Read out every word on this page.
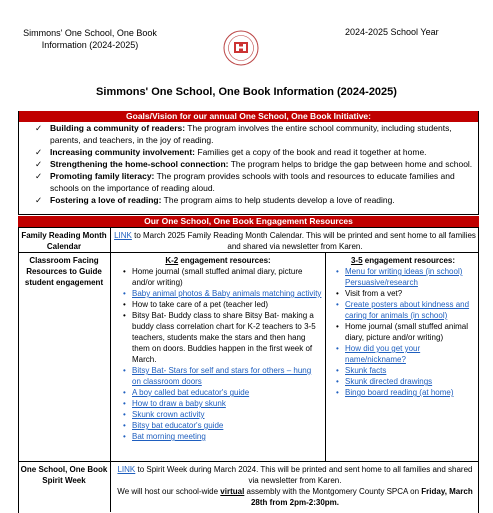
Simmons' One School, One Book
Information (2024-2025)
2024-2025 School Year
Simmons' One School, One Book Information (2024-2025)
Goals/Vision for our annual One School, One Book Initiative:
✓ Building a community of readers: The program involves the entire school community, including students, parents, and teachers, in the joy of reading.
✓ Increasing community involvement: Families get a copy of the book and read it together at home.
✓ Strengthening the home-school connection: The program helps to bridge the gap between home and school.
✓ Promoting family literacy: The program provides schools with tools and resources to educate families and schools on the importance of reading aloud.
✓ Fostering a love of reading: The program aims to help students develop a love of reading.
Our One School, One Book Engagement Resources
Family Reading Month Calendar
LINK to March 2025 Family Reading Month Calendar. This will be printed and sent home to all families and shared via newsletter from Karen.
Classroom Facing Resources to Guide student engagement
K-2 engagement resources:
• Home journal (small stuffed animal diary, picture and/or writing)
• Baby animal photos & Baby animals matching activity
• How to take care of a pet (teacher led)
• Bitsy Bat- Buddy class to share Bitsy Bat- making a buddy class correlation chart for K-2 teachers to 3-5 teachers, students make the stars and then hang them on doors. Buddies happen in the first week of March.
• Bitsy Bat- Stars for self and stars for others – hung on classroom doors
• A boy called bat educator's guide
• How to draw a baby skunk
• Skunk crown activity
• Bitsy bat educator's guide
• Bat morning meeting
3-5 engagement resources:
• Menu for writing ideas (in school) Persuasive/research
• Visit from a vet?
• Create posters about kindness and caring for animals (in school)
• Home journal (small stuffed animal diary, picture and/or writing)
• How did you get your name/nickname?
• Skunk facts
• Skunk directed drawings
• Bingo board reading (at home)
One School, One Book Spirit Week
LINK to Spirit Week during March 2024. This will be printed and sent home to all families and shared via newsletter from Karen.
We will host our school-wide virtual assembly with the Montgomery County SPCA on Friday, March 28th from 2pm-2:30pm.
